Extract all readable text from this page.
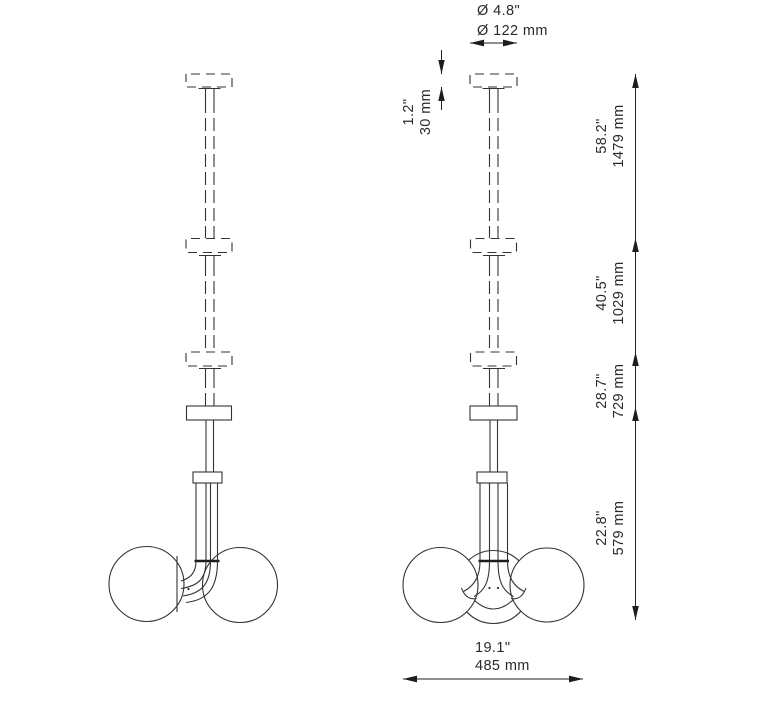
Ø 4.8"
Ø 122 mm
1.2" 30 mm
58.2" 1479 mm
40.5" 1029 mm
28.7" 729 mm
22.8" 579 mm
19.1"
485 mm
